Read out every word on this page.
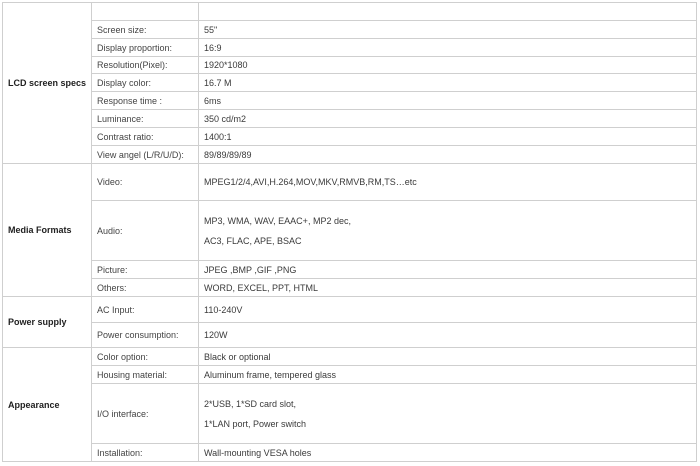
LCD screen specs		
	Screen size:	55"
	Display proportion:	16:9
	Resolution(Pixel):	1920*1080
	Display color:	16.7 M
	Response time :	6ms
	Luminance:	350 cd/m2
	Contrast ratio:	1400:1
	View angel (L/R/U/D):	89/89/89/89
Media Formats	Video:	MPEG1/2/4,AVI,H.264,MOV,MKV,RMVB,RM,TS…etc
	Audio:	MP3, WMA, WAV, EAAC+, MP2 dec,
AC3, FLAC, APE, BSAC

	Picture:	JPEG ,BMP ,GIF ,PNG
	Others:	WORD, EXCEL, PPT, HTML
Power supply	AC Input:	110-240V
	Power consumption:	120W
Appearance	Color option:	Black or optional
	Housing material:	Aluminum frame, tempered glass
	I/O interface:	2*USB, 1*SD card slot,
1*LAN port, Power switch

	Installation:	Wall-mounting VESA holes
